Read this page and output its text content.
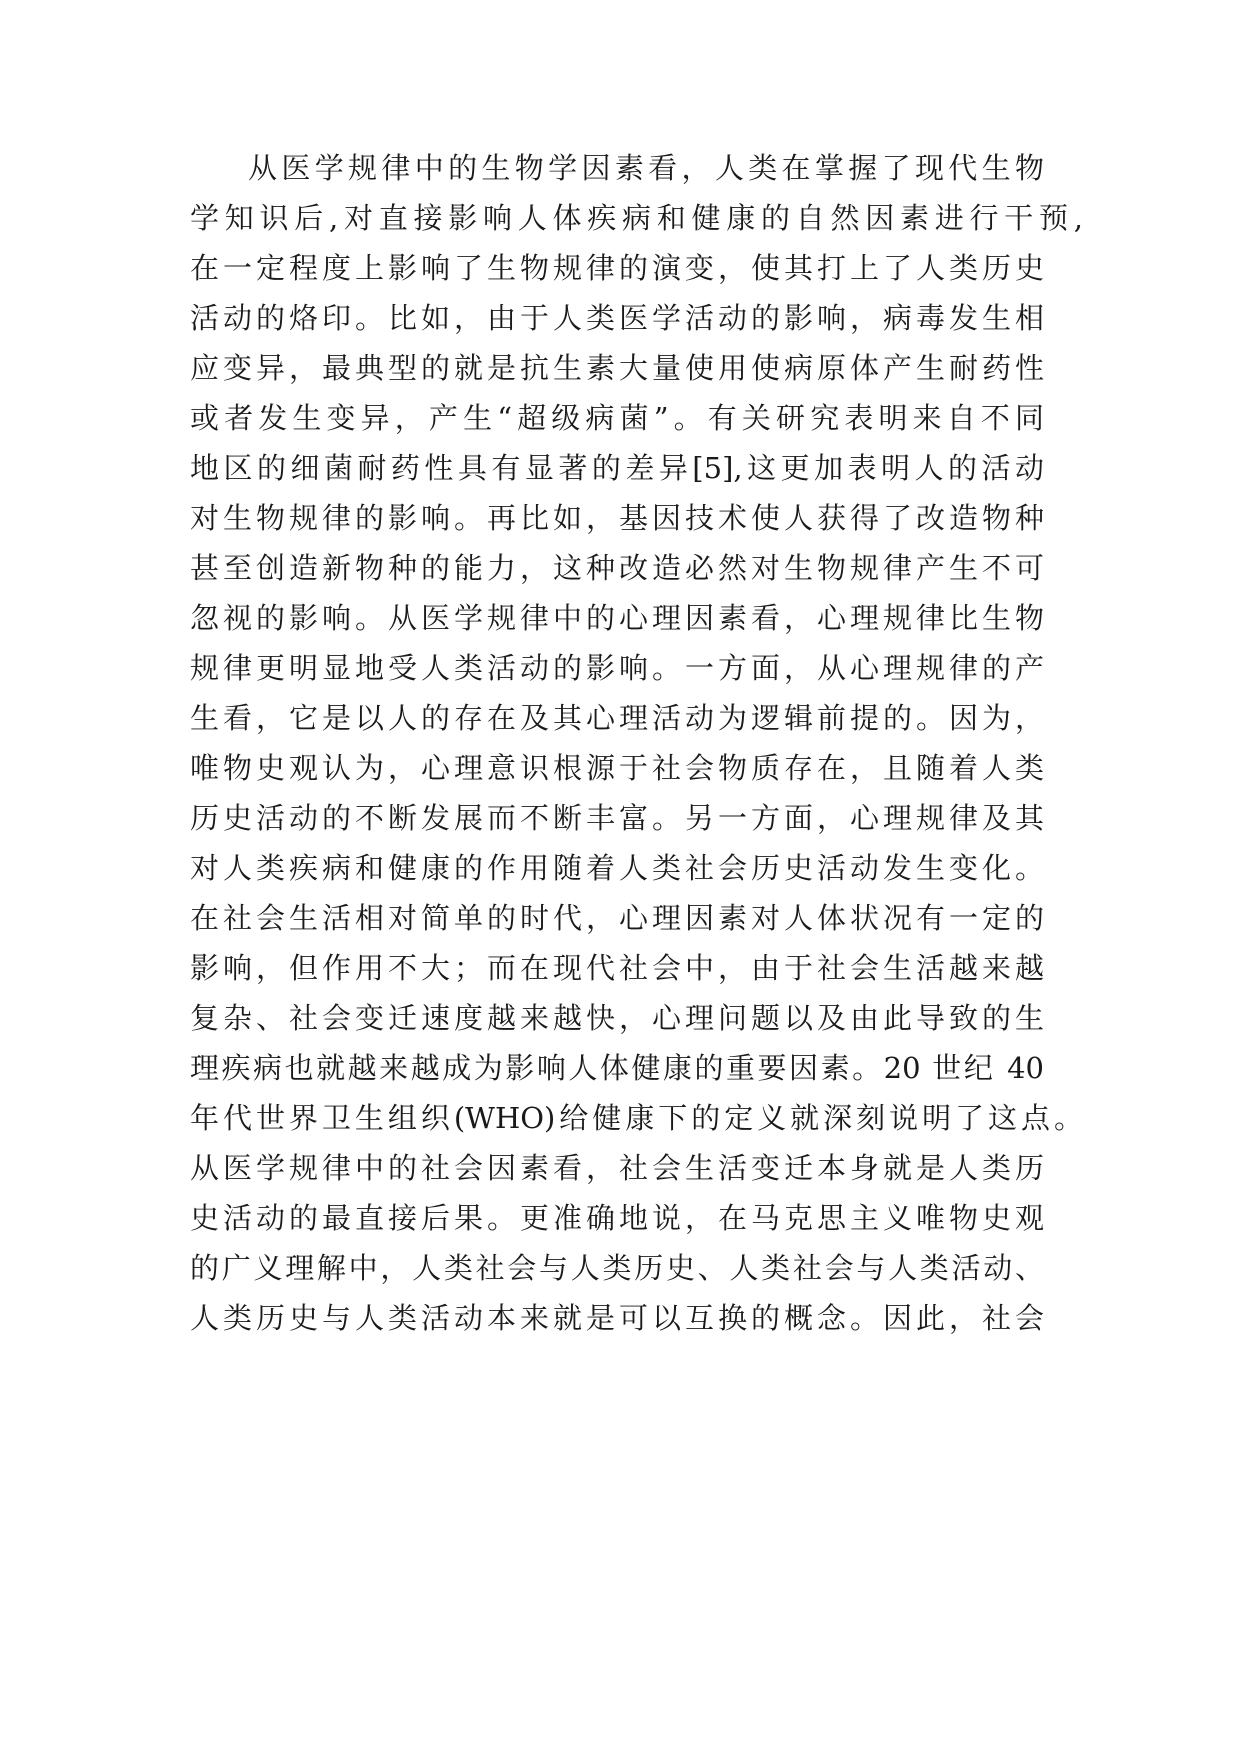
从医学规律中的生物学因素看，人类在掌握了现代生物
学知识后,对直接影响人体疾病和健康的自然因素进行干预,
在一定程度上影响了生物规律的演变，使其打上了人类历史
活动的烙印。比如，由于人类医学活动的影响，病毒发生相
应变异，最典型的就是抗生素大量使用使病原体产生耐药性
或者发生变异，产生“超级病菌”。有关研究表明来自不同
地区的细菌耐药性具有显著的差异[5],这更加表明人的活动
对生物规律的影响。再比如，基因技术使人获得了改造物种
甚至创造新物种的能力，这种改造必然对生物规律产生不可
忽视的影响。从医学规律中的心理因素看，心理规律比生物
规律更明显地受人类活动的影响。一方面，从心理规律的产
生看，它是以人的存在及其心理活动为逻辑前提的。因为，
唯物史观认为，心理意识根源于社会物质存在，且随着人类
历史活动的不断发展而不断丰富。另一方面，心理规律及其
对人类疾病和健康的作用随着人类社会历史活动发生变化。
在社会生活相对简单的时代，心理因素对人体状况有一定的
影响，但作用不大；而在现代社会中，由于社会生活越来越
复杂、社会变迁速度越来越快，心理问题以及由此导致的生
理疾病也就越来越成为影响人体健康的重要因素。20 世纪 40
年代世界卫生组织(WHO)给健康下的定义就深刻说明了这点。
从医学规律中的社会因素看，社会生活变迁本身就是人类历
史活动的最直接后果。更准确地说，在马克思主义唯物史观
的广义理解中，人类社会与人类历史、人类社会与人类活动、
人类历史与人类活动本来就是可以互换的概念。因此，社会
